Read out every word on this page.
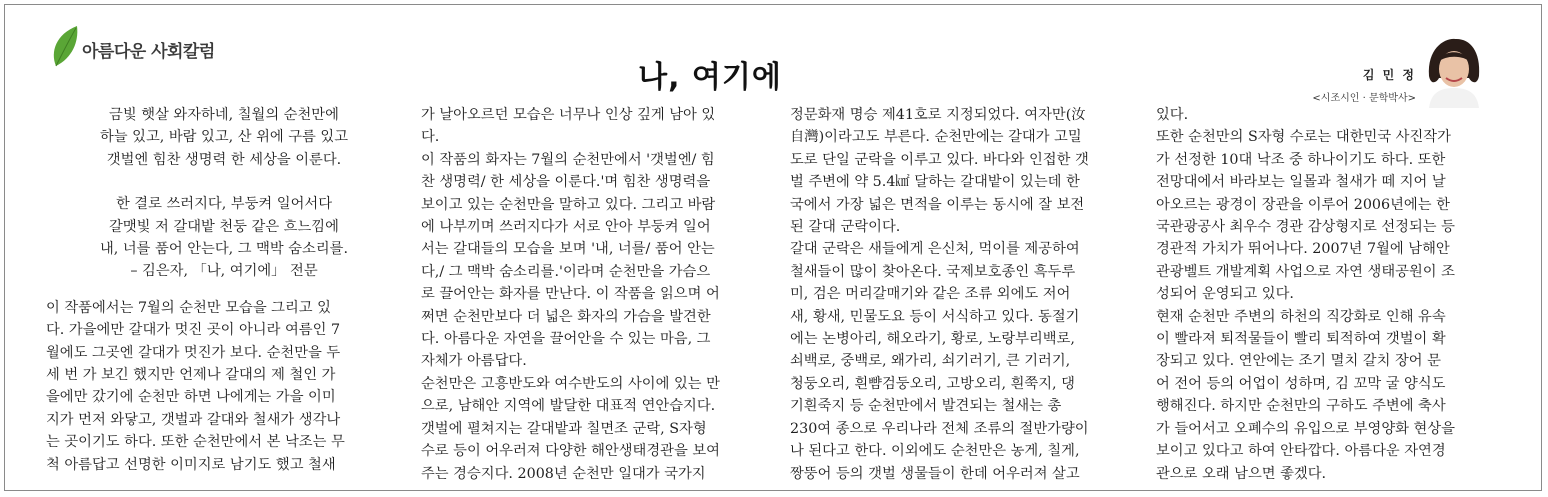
아름다운 사회칼럼
나, 여기에	김 민 정
<시조시인 · 문학박사>

금빛 햇살 와자하네, 칠월의 순천만에

하늘 있고, 바람 있고, 산 위에 구름 있고

갯벌엔 힘찬 생명력 한 세상을 이룬다.

한 결로 쓰러지다, 부둥켜 일어서다

갈맷빛 저 갈대밭 천둥 같은 흐느낌에

내, 너를 품어 안는다, 그 맥박 숨소리를.

– 김은자, 「나, 여기에」 전문

이 작품에서는 7월의 순천만 모습을 그리고 있

다. 가을에만 갈대가 멋진 곳이 아니라 여름인 7

월에도 그곳엔 갈대가 멋진가 보다. 순천만을 두

세 번 가 보긴 했지만 언제나 갈대의 제 철인 가

을에만 갔기에 순천만 하면 나에게는 가을 이미

지가 먼저 와닿고, 갯벌과 갈대와 철새가 생각나

는 곳이기도 하다. 또한 순천만에서 본 낙조는 무

척 아름답고 선명한 이미지로 남기도 했고 철새

가 날아오르던 모습은 너무나 인상 깊게 남아 있

다.

이 작품의 화자는 7월의 순천만에서 '갯벌엔/ 힘

찬 생명력/ 한 세상을 이룬다.'며 힘찬 생명력을

보이고 있는 순천만을 말하고 있다. 그리고 바람

에 나부끼며 쓰러지다가 서로 안아 부둥켜 일어

서는 갈대들의 모습을 보며 '내, 너를/ 품어 안는

다,/ 그 맥박 숨소리를.'이라며 순천만을 가슴으

로 끌어안는 화자를 만난다. 이 작품을 읽으며 어

쩌면 순천만보다 더 넓은 화자의 가슴을 발견한

다. 아름다운 자연을 끌어안을 수 있는 마음, 그

자체가 아름답다.

순천만은 고흥반도와 여수반도의 사이에 있는 만

으로, 남해안 지역에 발달한 대표적 연안습지다.

갯벌에 펼쳐지는 갈대밭과 칠면조 군락, S자형

수로 등이 어우러져 다양한 해안생태경관을 보여

주는 경승지다. 2008년 순천만 일대가 국가지

정문화재 명승 제41호로 지정되었다. 여자만(汝

自灣)이라고도 부른다. 순천만에는 갈대가 고밀

도로 단일 군락을 이루고 있다. 바다와 인접한 갯

벌 주변에 약 5.4㎢ 달하는 갈대밭이 있는데 한

국에서 가장 넓은 면적을 이루는 동시에 잘 보전

된 갈대 군락이다.

갈대 군락은 새들에게 은신처, 먹이를 제공하여

철새들이 많이 찾아온다. 국제보호종인 흑두루

미, 검은 머리갈매기와 같은 조류 외에도 저어

새, 황새, 민물도요 등이 서식하고 있다. 동절기

에는 논병아리, 해오라기, 황로, 노랑부리백로,

쇠백로, 중백로, 왜가리, 쇠기러기, 큰 기러기,

청둥오리, 흰뺨검둥오리, 고방오리, 흰쭉지, 댕

기흰죽지 등 순천만에서 발견되는 철새는 총

230여 종으로 우리나라 전체 조류의 절반가량이

나 된다고 한다. 이외에도 순천만은 농게, 칠게,

짱뚱어 등의 갯벌 생물들이 한데 어우러져 살고

있다.

또한 순천만의 S자형 수로는 대한민국 사진작가

가 선정한 10대 낙조 중 하나이기도 하다. 또한

전망대에서 바라보는 일몰과 철새가 떼 지어 날

아오르는 광경이 장관을 이루어 2006년에는 한

국관광공사 최우수 경관 감상형지로 선정되는 등

경관적 가치가 뛰어나다. 2007년 7월에 남해안

관광벨트 개발계획 사업으로 자연 생태공원이 조

성되어 운영되고 있다.

현재 순천만 주변의 하천의 직강화로 인해 유속

이 빨라져 퇴적물들이 빨리 퇴적하여 갯벌이 확

장되고 있다. 연안에는 조기 멸치 갈치 장어 문

어 전어 등의 어업이 성하며, 김 꼬막 굴 양식도

행해진다. 하지만 순천만의 구하도 주변에 축사

가 들어서고 오폐수의 유입으로 부영양화 현상을

보이고 있다고 하여 안타깝다. 아름다운 자연경

관으로 오래 남으면 좋겠다.
